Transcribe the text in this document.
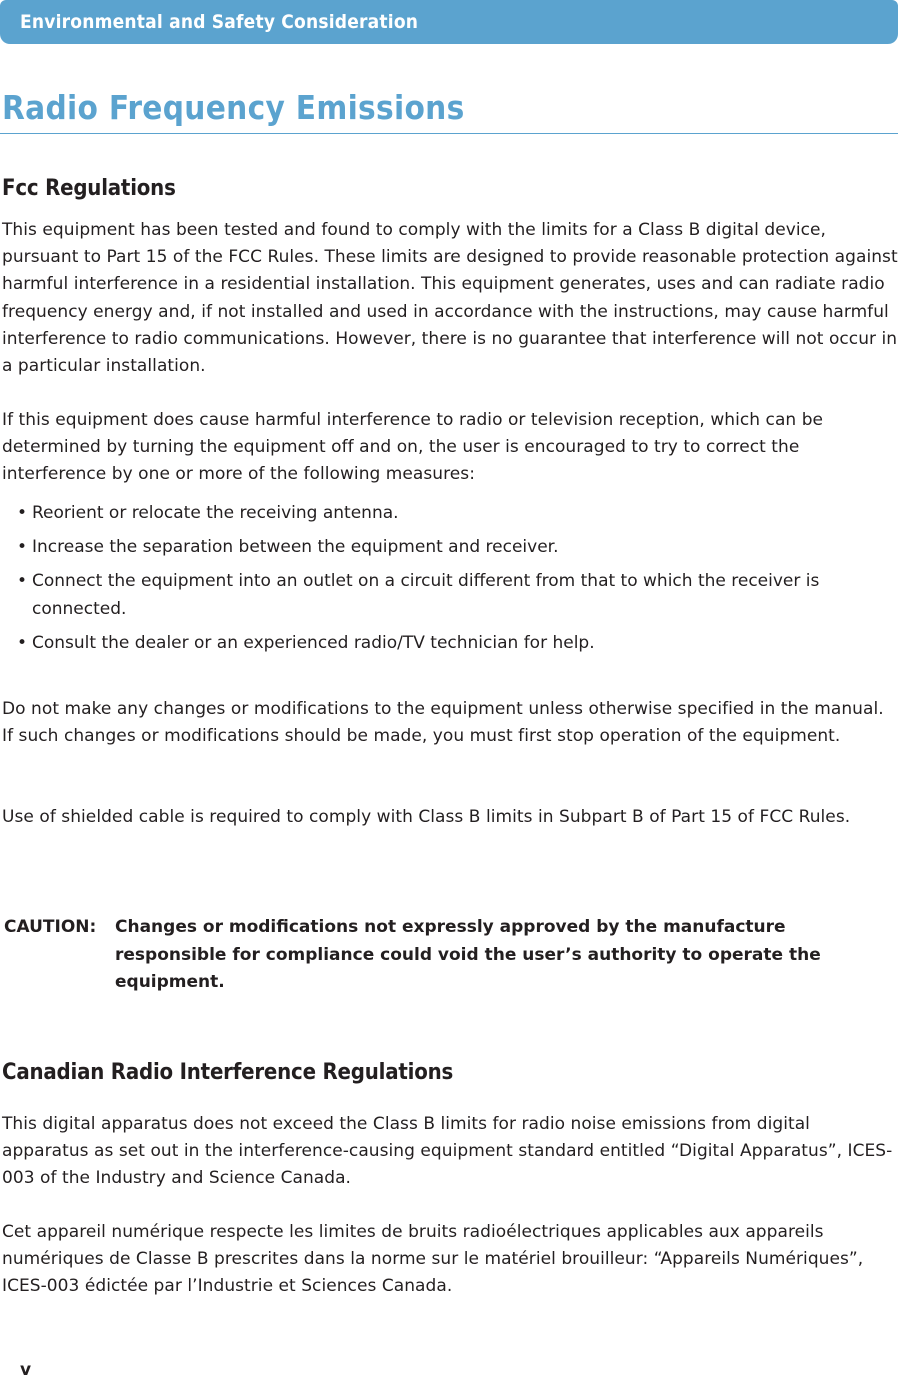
Environmental and Safety Consideration
Radio Frequency Emissions
Fcc Regulations

This equipment has been tested and found to comply with the limits for a Class B digital device, pursuant to Part 15 of the FCC Rules. These limits are designed to provide reasonable protection against harmful interference in a residential installation. This equipment generates, uses and can radiate radio frequency energy and, if not installed and used in accordance with the instructions, may cause harmful interference to radio communications. However, there is no guarantee that interference will not occur in a particular installation.

If this equipment does cause harmful interference to radio or television reception, which can be determined by turning the equipment off and on, the user is encouraged to try to correct the interference by one or more of the following measures:

• Reorient or relocate the receiving antenna.
• Increase the separation between the equipment and receiver.
• Connect the equipment into an outlet on a circuit different from that to which the receiver is connected.
• Consult the dealer or an experienced radio/TV technician for help.

Do not make any changes or modifications to the equipment unless otherwise specified in the manual. If such changes or modifications should be made, you must first stop operation of the equipment.

Use of shielded cable is required to comply with Class B limits in Subpart B of Part 15 of FCC Rules.

CAUTION: Changes or modifications not expressly approved by the manufacture responsible for compliance could void the user’s authority to operate the equipment.
Canadian Radio Interference Regulations

This digital apparatus does not exceed the Class B limits for radio noise emissions from digital apparatus as set out in the interference-causing equipment standard entitled “Digital Apparatus”, ICES-003 of the Industry and Science Canada.

Cet appareil numérique respecte les limites de bruits radioélectriques applicables aux appareils numériques de Classe B prescrites dans la norme sur le matériel brouilleur: “Appareils Numériques”, ICES-003 édictée par l’Industrie et Sciences Canada.

v
